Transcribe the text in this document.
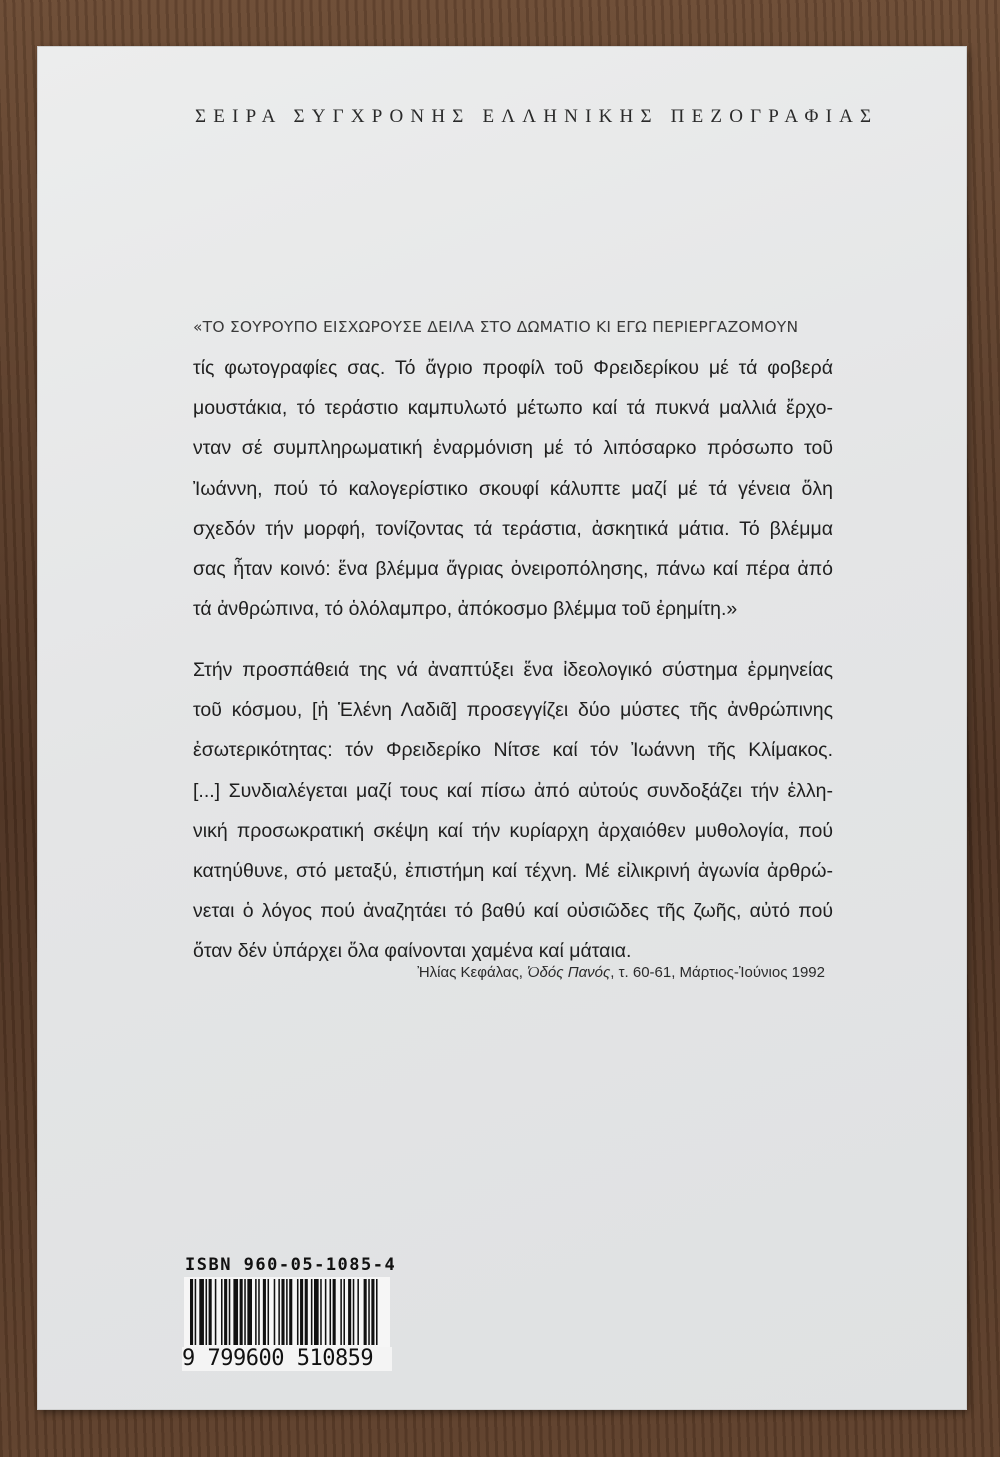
ΣΕΙΡΑ ΣΥΓΧΡΟΝΗΣ ΕΛΛΗΝΙΚΗΣ ΠΕΖΟΓΡΑΦΙΑΣ
«ΤΟ ΣΟΥΡΟΥΠΟ ΕΙΣΧΩΡΟΥΣΕ ΔΕΙΛΑ ΣΤΟ ΔΩΜΑΤΙΟ ΚΙ ΕΓΩ ΠΕΡΙΕΡΓΑΖΟΜΟΥΝ
τίς φωτογραφίες σας. Τό ἄγριο προφίλ τοῦ Φρειδερίκου μέ τά φοβερά
μουστάκια, τό τεράστιο καμπυλωτό μέτωπο καί τά πυκνά μαλλιά ἔρχο-
νταν σέ συμπληρωματική ἐναρμόνιση μέ τό λιπόσαρκο πρόσωπο τοῦ
Ἰωάννη, πού τό καλογερίστικο σκουφί κάλυπτε μαζί μέ τά γένεια ὅλη
σχεδόν τήν μορφή, τονίζοντας τά τεράστια, ἀσκητικά μάτια. Τό βλέμμα
σας ἦταν κοινό: ἕνα βλέμμα ἄγριας ὀνειροπόλησης, πάνω καί πέρα ἀπό
τά ἀνθρώπινα, τό ὁλόλαμπρο, ἀπόκοσμο βλέμμα τοῦ ἐρημίτη.»
Στήν προσπάθειά της νά ἀναπτύξει ἕνα ἰδεολογικό σύστημα ἑρμηνείας
τοῦ κόσμου, [ἡ Ἑλένη Λαδιᾶ] προσεγγίζει δύο μύστες τῆς ἀνθρώπινης
ἐσωτερικότητας: τόν Φρειδερίκο Νίτσε καί τόν Ἰωάννη τῆς Κλίμακος.
[...] Συνδιαλέγεται μαζί τους καί πίσω ἀπό αὐτούς συνδοξάζει τήν ἑλλη-
νική προσωκρατική σκέψη καί τήν κυρίαρχη ἀρχαιόθεν μυθολογία, πού
κατηύθυνε, στό μεταξύ, ἐπιστήμη καί τέχνη. Μέ εἰλικρινή ἀγωνία ἀρθρώ-
νεται ὁ λόγος πού ἀναζητάει τό βαθύ καί οὐσιῶδες τῆς ζωῆς, αὐτό πού
ὅταν δέν ὑπάρχει ὅλα φαίνονται χαμένα καί μάταια.
Ἠλίας Κεφάλας, Ὁδός Πανός, τ. 60-61, Μάρτιος-Ἰούνιος 1992
ISBN 960-05-1085-4
9 799600 510859
